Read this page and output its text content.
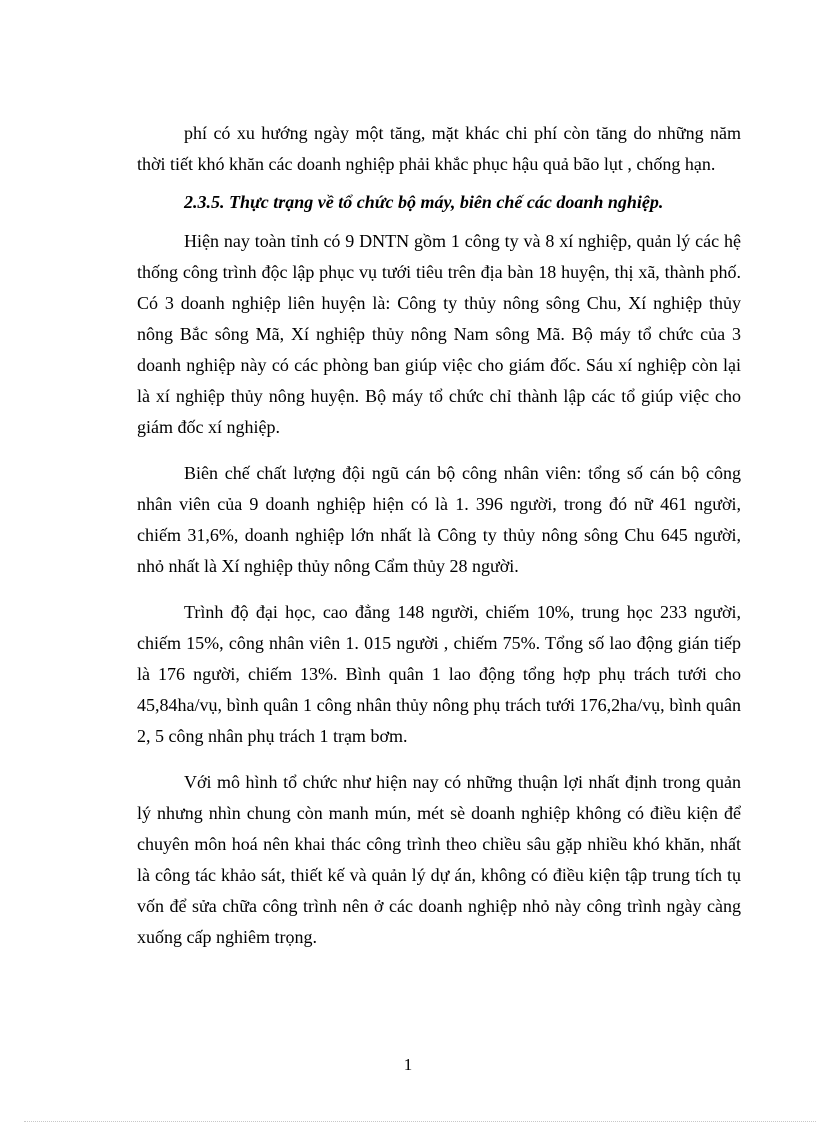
phí có xu hướng ngày một tăng, mặt khác chi phí còn tăng do những năm thời tiết khó khăn các doanh nghiệp phải khắc phục hậu quả bão lụt , chống hạn.

2.3.5. Thực trạng về tổ chức bộ máy, biên chế các doanh nghiệp.

Hiện nay toàn tỉnh có 9 DNTN gồm 1 công ty và 8 xí nghiệp, quản lý các hệ thống công trình độc lập phục vụ tưới tiêu trên địa bàn 18 huyện, thị xã, thành phố. Có 3 doanh nghiệp liên huyện là: Công ty thủy nông sông Chu, Xí nghiệp thủy nông Bắc sông Mã, Xí nghiệp thủy nông Nam sông Mã. Bộ máy tổ chức của 3 doanh nghiệp này có các phòng ban giúp việc cho giám đốc. Sáu xí nghiệp còn lại là xí nghiệp thủy nông huyện. Bộ máy tổ chức chỉ thành lập các tổ giúp việc cho giám đốc xí nghiệp.

Biên chế chất lượng đội ngũ cán bộ công nhân viên: tổng số cán bộ công nhân viên của 9 doanh nghiệp hiện có là 1. 396 người, trong đó nữ 461 người, chiếm 31,6%, doanh nghiệp lớn nhất là Công ty thủy nông sông Chu 645 người, nhỏ nhất là Xí nghiệp thủy nông Cẩm thủy 28 người.

Trình độ đại học, cao đẳng 148 người, chiếm 10%, trung học 233 người, chiếm 15%, công nhân viên 1. 015 người , chiếm 75%. Tổng số lao động gián tiếp là 176 người, chiếm 13%. Bình quân 1 lao động tổng hợp phụ trách tưới cho 45,84ha/vụ, bình quân 1 công nhân thủy nông phụ trách tưới 176,2ha/vụ, bình quân 2, 5 công nhân phụ trách 1 trạm bơm.

Với mô hình tổ chức như hiện nay có những thuận lợi nhất định trong quản lý nhưng nhìn chung còn manh mún, mét sè doanh nghiệp không có điều kiện để chuyên môn hoá nên khai thác công trình theo chiều sâu gặp nhiều khó khăn, nhất là công tác khảo sát, thiết kế và quản lý dự án, không có điều kiện tập trung tích tụ vốn để sửa chữa công trình nên ở các doanh nghiệp nhỏ này công trình ngày càng xuống cấp nghiêm trọng.

1
